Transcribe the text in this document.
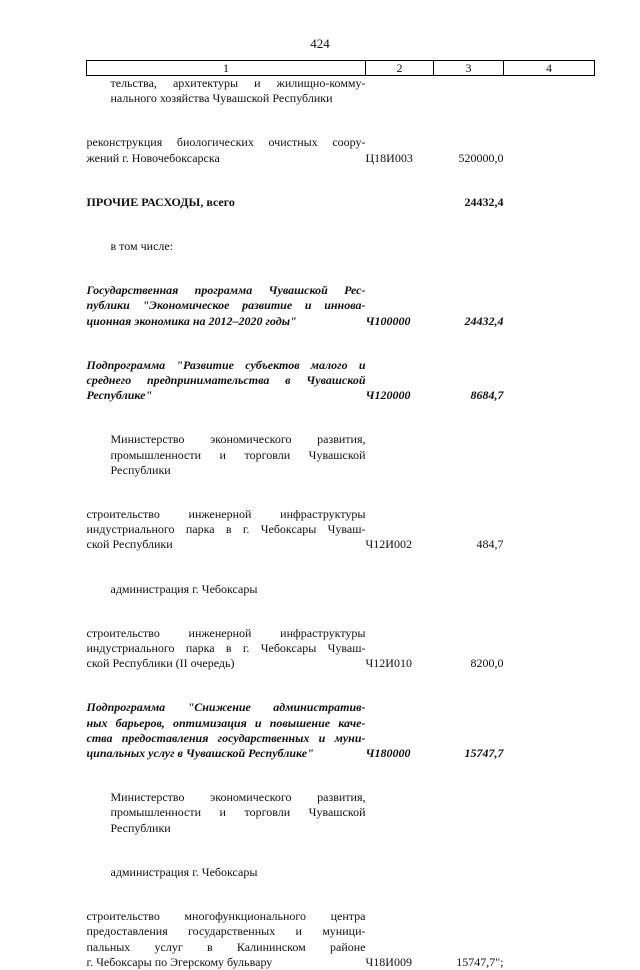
424
1	2	3	4

тельства, архитектуры и жилищно-комму-
нального хозяйства Чувашской Республики			

реконструкция биологических очистных соору-
жений г. Новочебоксарска	Ц18И003	520000,0	

ПРОЧИЕ РАСХОДЫ, всего		24432,4	

в том числе:			

Государственная программа Чувашской Рес-
публики "Экономическое развитие и иннова-
ционная экономика на 2012–2020 годы"	Ч100000	24432,4	

Подпрограмма "Развитие субъектов малого и
среднего предпринимательства в Чувашской
Республике"	Ч120000	8684,7	

Министерство экономического развития,
промышленности и торговли Чувашской
Республики			

строительство инженерной инфраструктуры
индустриального парка в г. Чебоксары Чуваш-
ской Республики	Ч12И002	484,7	

администрация г. Чебоксары			

строительство инженерной инфраструктуры
индустриального парка в г. Чебоксары Чуваш-
ской Республики (II очередь)	Ч12И010	8200,0	

Подпрограмма "Снижение административ-
ных барьеров, оптимизация и повышение каче-
ства предоставления государственных и муни-
ципальных услуг в Чувашской Республике"	Ч180000	15747,7	

Министерство экономического развития,
промышленности и торговли Чувашской
Республики			

администрация г. Чебоксары			

строительство многофункционального центра
предоставления государственных и муници-
пальных услуг в Калининском районе
г. Чебоксары по Эгерскому бульвару	Ч18И009	15747,7";	
